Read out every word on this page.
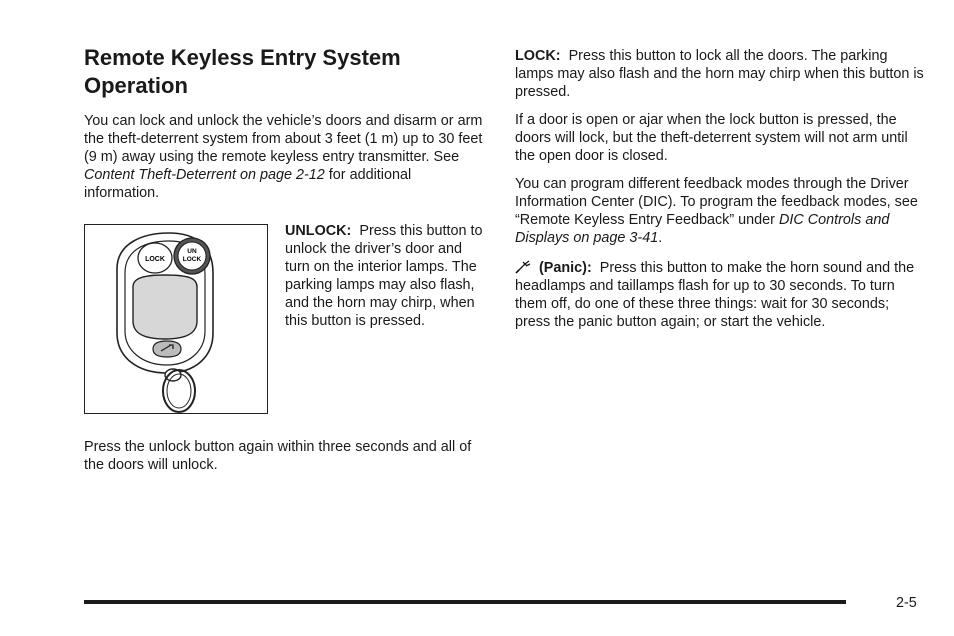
Remote Keyless Entry System Operation

You can lock and unlock the vehicle’s doors and disarm or arm the theft-deterrent system from about 3 feet (1 m) up to 30 feet (9 m) away using the remote keyless entry transmitter. See Content Theft-Deterrent on page 2-12 for additional information.

LOCK
UN
LOCK

UNLOCK: Press this button to unlock the driver’s door and turn on the interior lamps. The parking lamps may also flash, and the horn may chirp, when this button is pressed.

Press the unlock button again within three seconds and all of the doors will unlock.

LOCK: Press this button to lock all the doors. The parking lamps may also flash and the horn may chirp when this button is pressed.

If a door is open or ajar when the lock button is pressed, the doors will lock, but the theft-deterrent system will not arm until the open door is closed.

You can program different feedback modes through the Driver Information Center (DIC). To program the feedback modes, see “Remote Keyless Entry Feedback” under DIC Controls and Displays on page 3-41.

(Panic): Press this button to make the horn sound and the headlamps and taillamps flash for up to 30 seconds. To turn them off, do one of these three things: wait for 30 seconds; press the panic button again; or start the vehicle.

2-5
